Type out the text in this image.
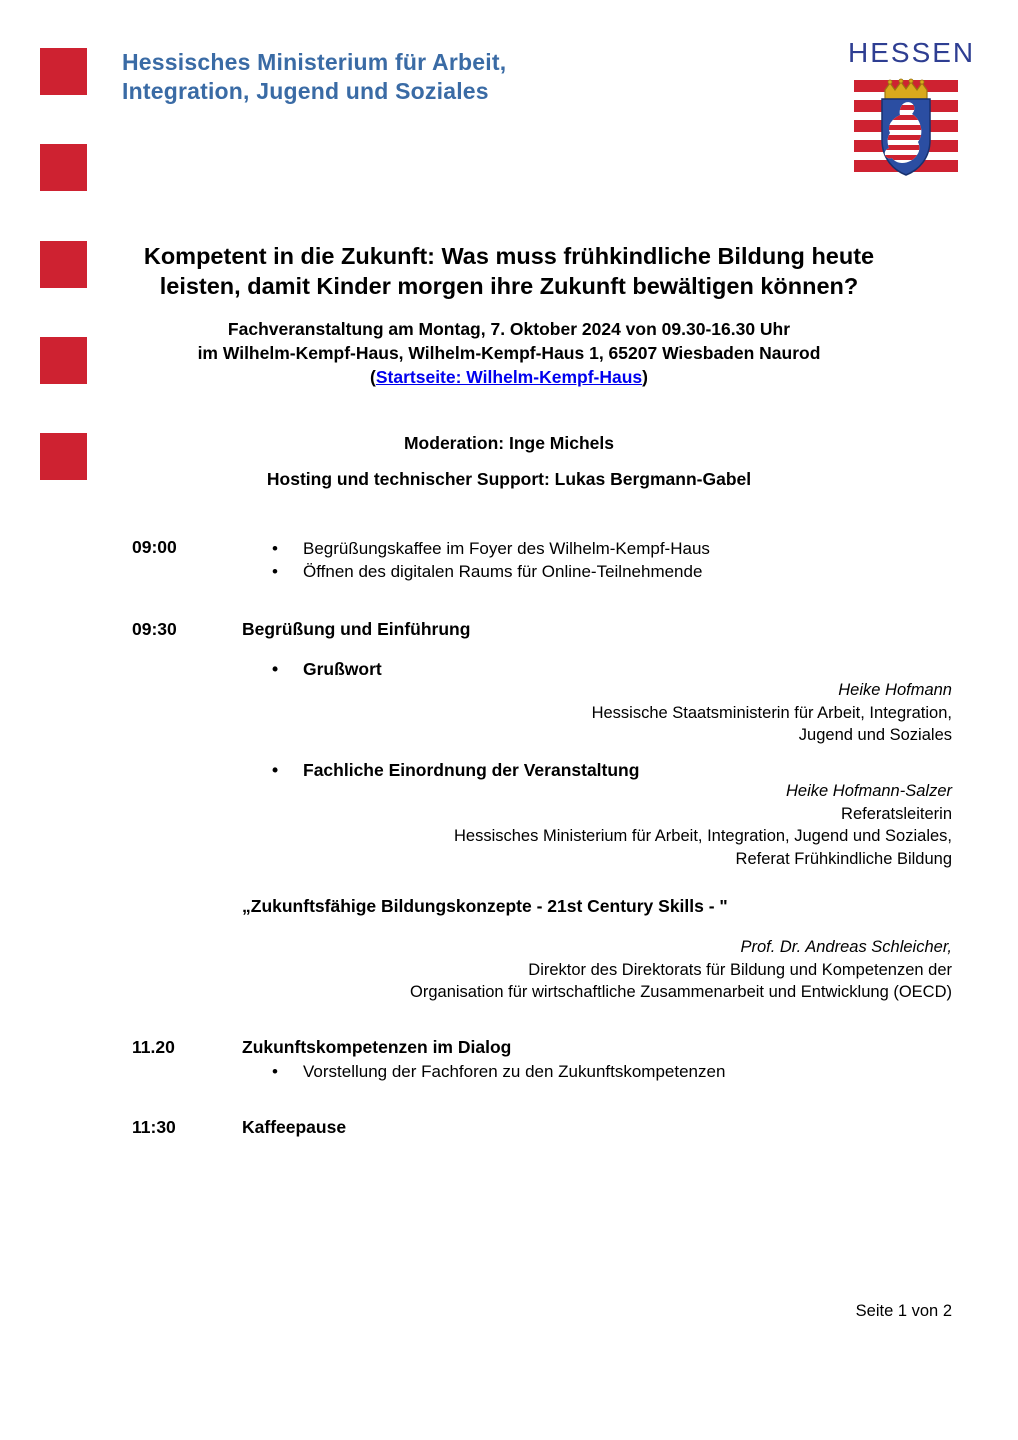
Hessisches Ministerium für Arbeit,
Integration, Jugend und Soziales
HESSEN
Kompetent in die Zukunft: Was muss frühkindliche Bildung heute
leisten, damit Kinder morgen ihre Zukunft bewältigen können?
Fachveranstaltung am Montag, 7. Oktober 2024 von 09.30-16.30 Uhr
im Wilhelm-Kempf-Haus, Wilhelm-Kempf-Haus 1, 65207 Wiesbaden Naurod
(Startseite: Wilhelm-Kempf-Haus)
Moderation: Inge Michels
Hosting und technischer Support: Lukas Bergmann-Gabel
09:00	•	Begrüßungskaffee im Foyer des Wilhelm-Kempf-Haus
•	Öffnen des digitalen Raums für Online-Teilnehmende
09:30	Begrüßung und Einführung
•	Grußwort
Heike Hofmann
Hessische Staatsministerin für Arbeit, Integration,
Jugend und Soziales
•	Fachliche Einordnung der Veranstaltung
Heike Hofmann-Salzer
Referatsleiterin
Hessisches Ministerium für Arbeit, Integration, Jugend und Soziales,
Referat Frühkindliche Bildung
„Zukunftsfähige Bildungskonzepte - 21st Century Skills - "
Prof. Dr. Andreas Schleicher,
Direktor des Direktorats für Bildung und Kompetenzen der
Organisation für wirtschaftliche Zusammenarbeit und Entwicklung (OECD)
11.20	Zukunftskompetenzen im Dialog
•	Vorstellung der Fachforen zu den Zukunftskompetenzen
11:30	Kaffeepause
Seite 1 von 2
